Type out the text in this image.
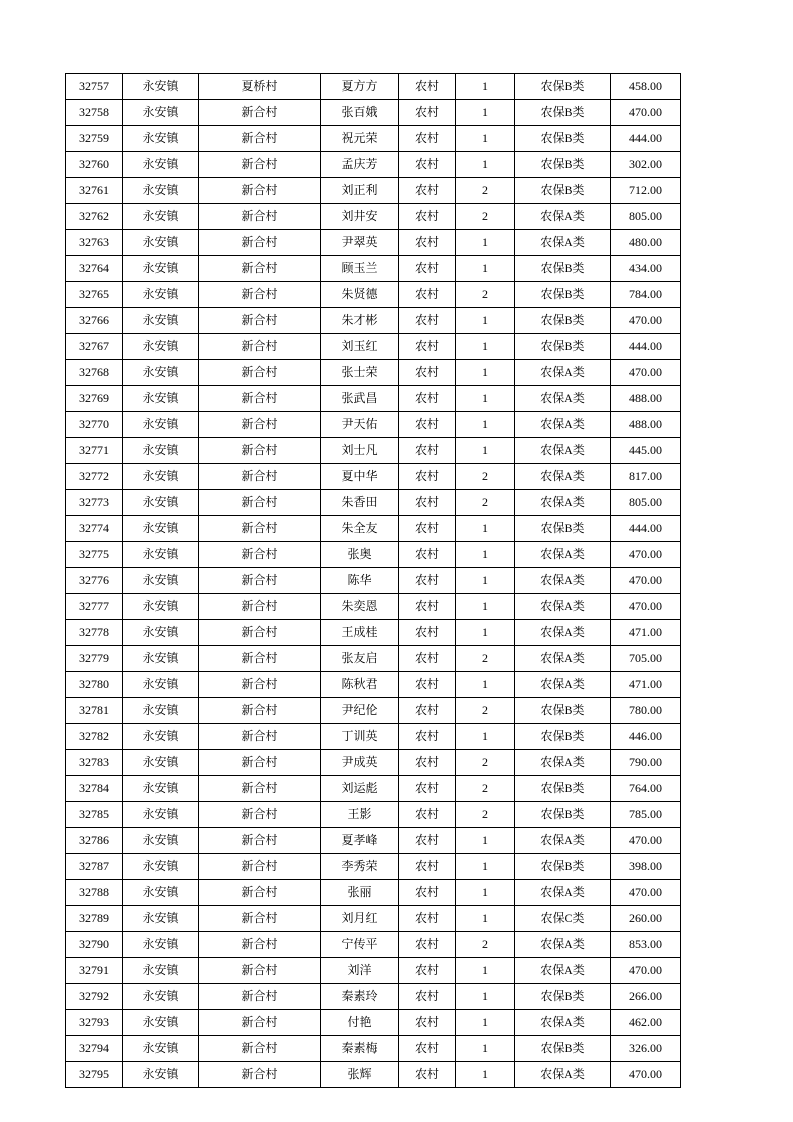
32757	永安镇	夏桥村	夏方方	农村	1	农保B类	458.00
32758	永安镇	新合村	张百娥	农村	1	农保B类	470.00
32759	永安镇	新合村	祝元荣	农村	1	农保B类	444.00
32760	永安镇	新合村	孟庆芳	农村	1	农保B类	302.00
32761	永安镇	新合村	刘正利	农村	2	农保B类	712.00
32762	永安镇	新合村	刘井安	农村	2	农保A类	805.00
32763	永安镇	新合村	尹翠英	农村	1	农保A类	480.00
32764	永安镇	新合村	顾玉兰	农村	1	农保B类	434.00
32765	永安镇	新合村	朱贤德	农村	2	农保B类	784.00
32766	永安镇	新合村	朱才彬	农村	1	农保B类	470.00
32767	永安镇	新合村	刘玉红	农村	1	农保B类	444.00
32768	永安镇	新合村	张士荣	农村	1	农保A类	470.00
32769	永安镇	新合村	张武昌	农村	1	农保A类	488.00
32770	永安镇	新合村	尹天佑	农村	1	农保A类	488.00
32771	永安镇	新合村	刘士凡	农村	1	农保A类	445.00
32772	永安镇	新合村	夏中华	农村	2	农保A类	817.00
32773	永安镇	新合村	朱香田	农村	2	农保A类	805.00
32774	永安镇	新合村	朱全友	农村	1	农保B类	444.00
32775	永安镇	新合村	张奥	农村	1	农保A类	470.00
32776	永安镇	新合村	陈华	农村	1	农保A类	470.00
32777	永安镇	新合村	朱奕恩	农村	1	农保A类	470.00
32778	永安镇	新合村	王成桂	农村	1	农保A类	471.00
32779	永安镇	新合村	张友启	农村	2	农保A类	705.00
32780	永安镇	新合村	陈秋君	农村	1	农保A类	471.00
32781	永安镇	新合村	尹纪伦	农村	2	农保B类	780.00
32782	永安镇	新合村	丁训英	农村	1	农保B类	446.00
32783	永安镇	新合村	尹成英	农村	2	农保A类	790.00
32784	永安镇	新合村	刘运彪	农村	2	农保B类	764.00
32785	永安镇	新合村	王影	农村	2	农保B类	785.00
32786	永安镇	新合村	夏孝峰	农村	1	农保A类	470.00
32787	永安镇	新合村	李秀荣	农村	1	农保B类	398.00
32788	永安镇	新合村	张丽	农村	1	农保A类	470.00
32789	永安镇	新合村	刘月红	农村	1	农保C类	260.00
32790	永安镇	新合村	宁传平	农村	2	农保A类	853.00
32791	永安镇	新合村	刘洋	农村	1	农保A类	470.00
32792	永安镇	新合村	秦素玲	农村	1	农保B类	266.00
32793	永安镇	新合村	付艳	农村	1	农保A类	462.00
32794	永安镇	新合村	秦素梅	农村	1	农保B类	326.00
32795	永安镇	新合村	张辉	农村	1	农保A类	470.00
